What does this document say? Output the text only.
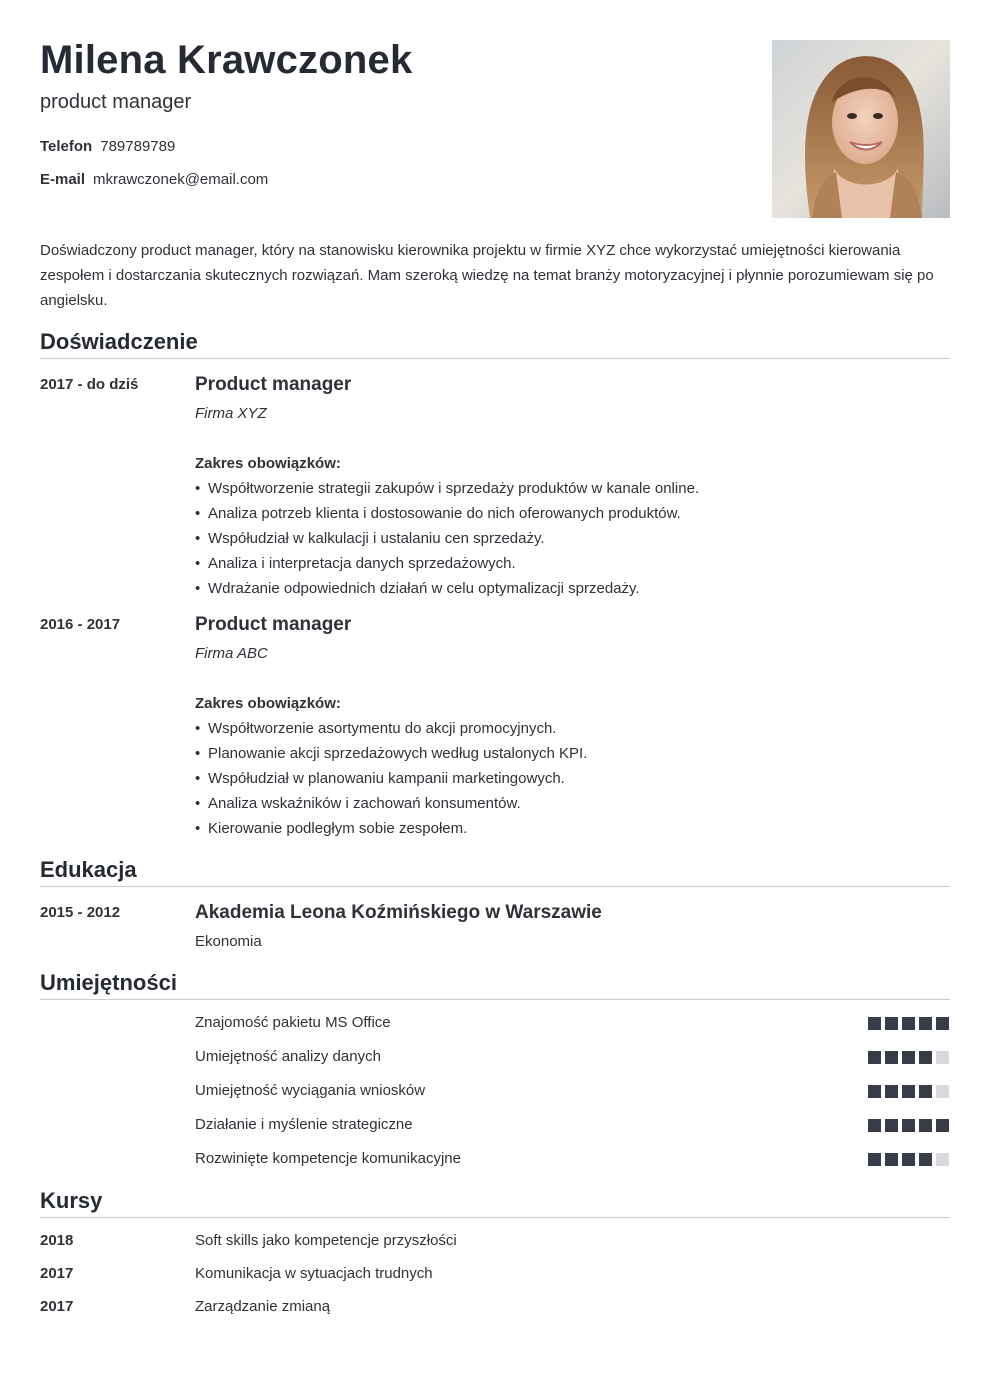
Milena Krawczonek
product manager
Telefon 789789789
E-mail mkrawczonek@email.com
Doświadczony product manager, który na stanowisku kierownika projektu w firmie XYZ chce wykorzystać umiejętności kierowania zespołem i dostarczania skutecznych rozwiązań. Mam szeroką wiedzę na temat branży motoryzacyjnej i płynnie porozumiewam się po angielsku.
Doświadczenie
2017 - do dziś	Product manager
Firma XYZ
Zakres obowiązków:
• Współtworzenie strategii zakupów i sprzedaży produktów w kanale online.
• Analiza potrzeb klienta i dostosowanie do nich oferowanych produktów.
• Współudział w kalkulacji i ustalaniu cen sprzedaży.
• Analiza i interpretacja danych sprzedażowych.
• Wdrażanie odpowiednich działań w celu optymalizacji sprzedaży.
2016 - 2017	Product manager
Firma ABC
Zakres obowiązków:
• Współtworzenie asortymentu do akcji promocyjnych.
• Planowanie akcji sprzedażowych według ustalonych KPI.
• Współudział w planowaniu kampanii marketingowych.
• Analiza wskaźników i zachowań konsumentów.
• Kierowanie podległym sobie zespołem.
Edukacja
2015 - 2012	Akademia Leona Koźmińskiego w Warszawie
Ekonomia
Umiejętności
Znajomość pakietu MS Office
Umiejętność analizy danych
Umiejętność wyciągania wniosków
Działanie i myślenie strategiczne
Rozwinięte kompetencje komunikacyjne
Kursy
2018	Soft skills jako kompetencje przyszłości
2017	Komunikacja w sytuacjach trudnych
2017	Zarządzanie zmianą
